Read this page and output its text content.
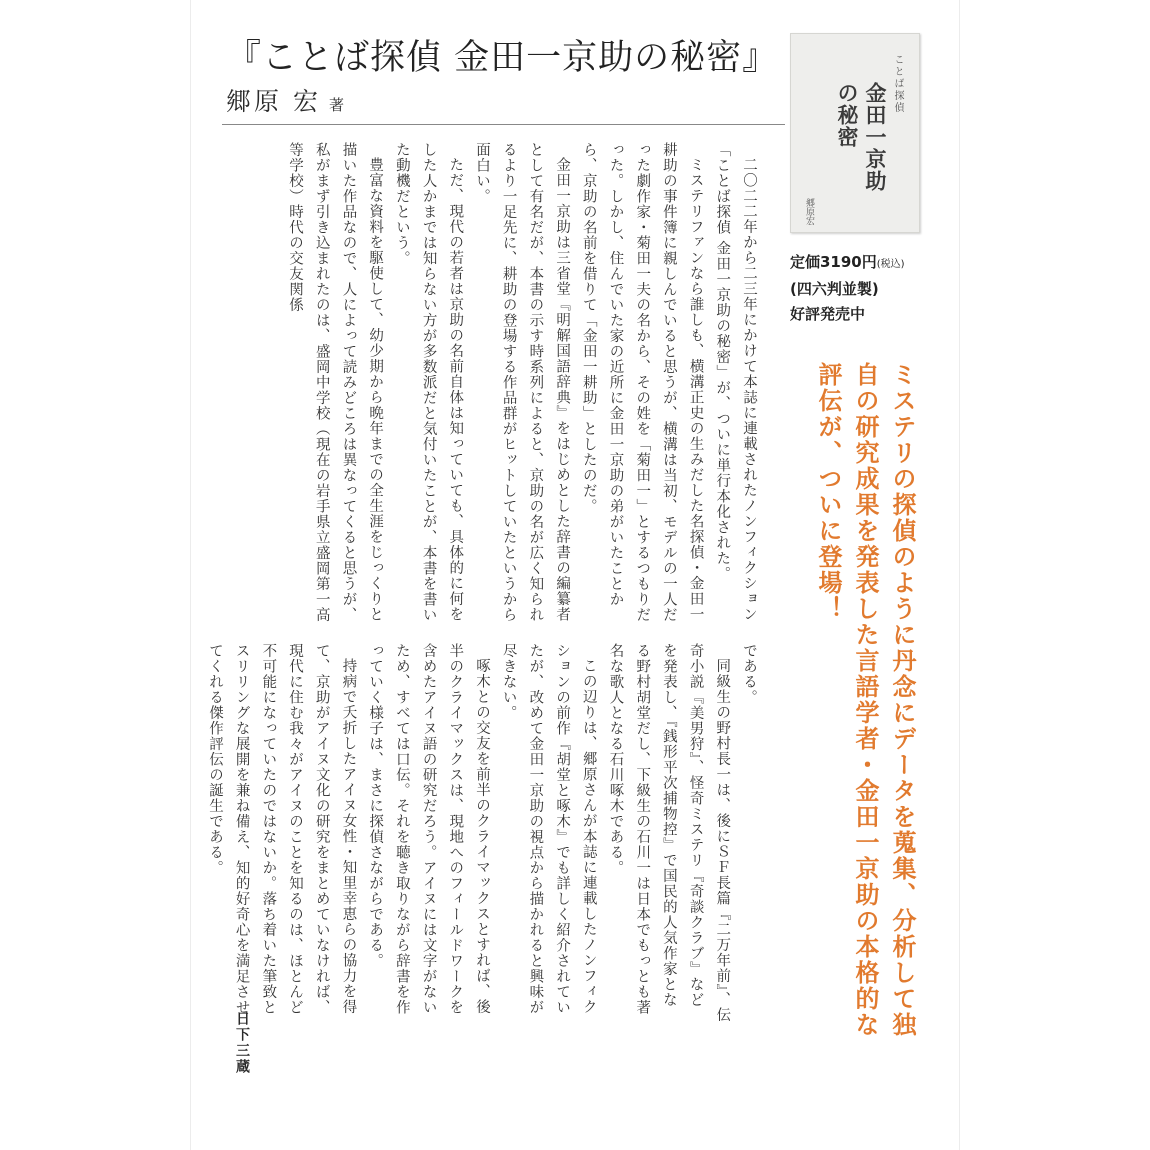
『ことば探偵 金田一京助の秘密』
郷原 宏 著

二〇二二年から二三年にかけて本誌に連載されたノンフィクション「ことば探偵 金田一京助の秘密」が、ついに単行本化された。

ミステリファンなら誰しも、横溝正史の生みだした名探偵・金田一耕助の事件簿に親しんでいると思うが、横溝は当初、モデルの一人だった劇作家・菊田一夫の名から、その姓を「菊田一」とするつもりだった。しかし、住んでいた家の近所に金田一京助の弟がいたことから、京助の名前を借りて「金田一耕助」としたのだ。

金田一京助は三省堂『明解国語辞典』をはじめとした辞書の編纂者として有名だが、本書の示す時系列によると、京助の名が広く知られるより一足先に、耕助の登場する作品群がヒットしていたというから面白い。

ただ、現代の若者は京助の名前自体は知っていても、具体的に何をした人かまでは知らない方が多数派だと気付いたことが、本書を書いた動機だという。

豊富な資料を駆使して、幼少期から晩年までの全生涯をじっくりと描いた作品なので、人によって読みどころは異なってくると思うが、私がまず引き込まれたのは、盛岡中学校（現在の岩手県立盛岡第一高等学校）時代の交友関係

である。

同級生の野村長一は、後にＳＦ長篇『二万年前』、伝奇小説『美男狩』、怪奇ミステリ『奇談クラブ』などを発表し、『銭形平次捕物控』で国民的人気作家となる野村胡堂だし、下級生の石川一は日本でもっとも著名な歌人となる石川啄木である。

この辺りは、郷原さんが本誌に連載したノンフィクションの前作『胡堂と啄木』でも詳しく紹介されていたが、改めて金田一京助の視点から描かれると興味が尽きない。

啄木との交友を前半のクライマックスとすれば、後半のクライマックスは、現地へのフィールドワークを含めたアイヌ語の研究だろう。アイヌには文字がないため、すべては口伝。それを聴き取りながら辞書を作っていく様子は、まさに探偵さながらである。

持病で夭折したアイヌ女性・知里幸恵らの協力を得て、京助がアイヌ文化の研究をまとめていなければ、現代に住む我々がアイヌのことを知るのは、ほとんど不可能になっていたのではないか。落ち着いた筆致とスリリングな展開を兼ね備え、知的好奇心を満足させてくれる傑作評伝の誕生である。

日下三蔵
ことば探偵
金田一京助の秘密
郷原宏
定価3190円(税込)
(四六判並製)
好評発売中
ミステリの探偵のように丹念にデータを蒐集、分析して独自の研究成果を発表した言語学者・金田一京助の本格的な評伝が、ついに登場！
